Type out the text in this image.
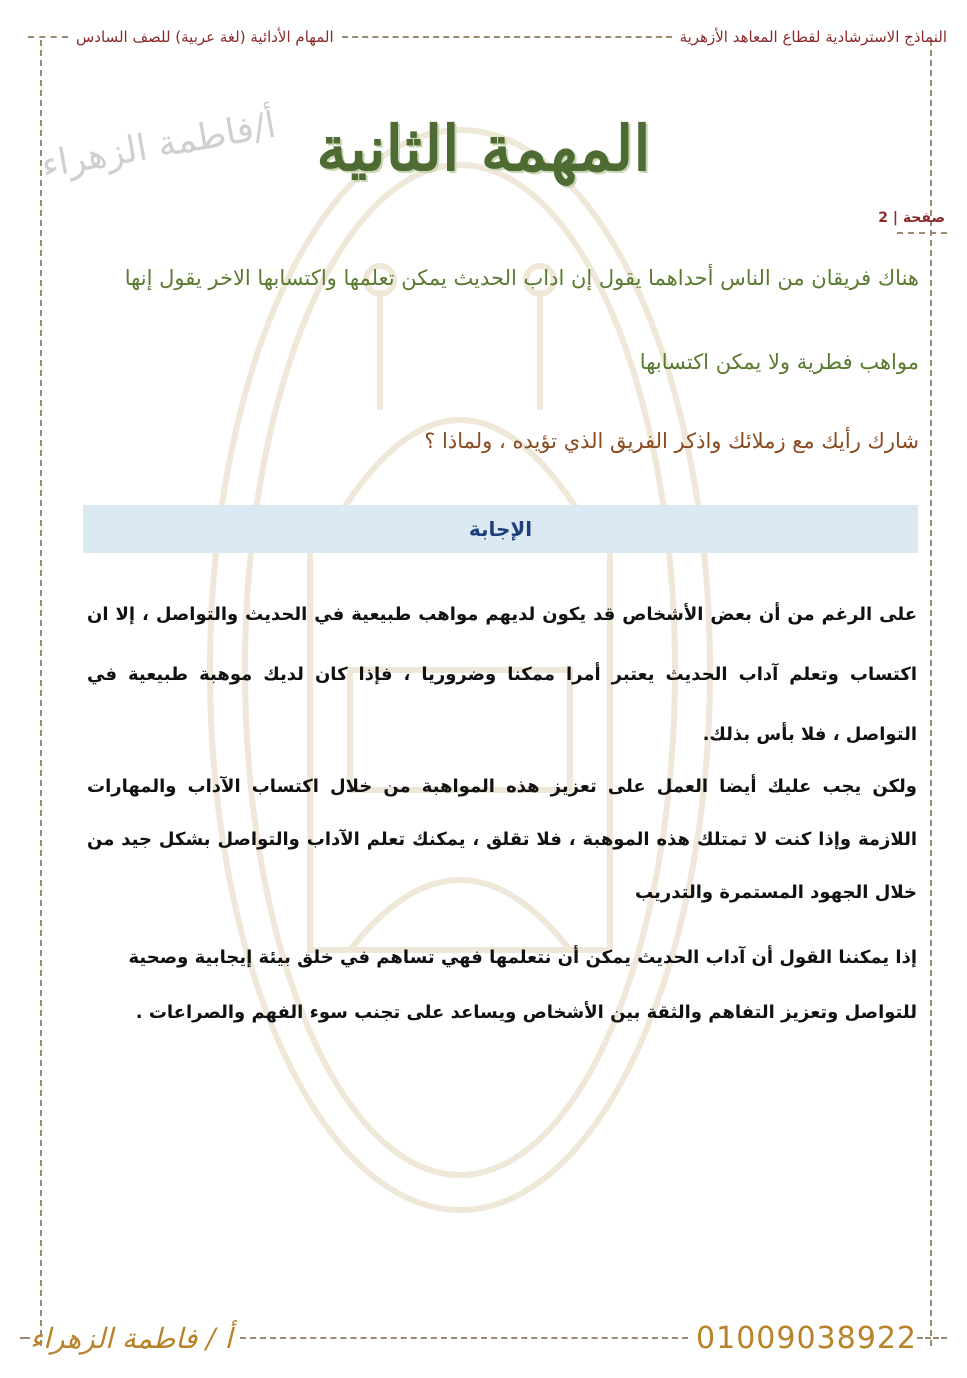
النماذج الاسترشادية لقطاع المعاهد الأزهرية
المهام الأدائية (لغة عربية) للصف السادس
أ/فاطمة الزهراء المهمة الثانية
صفحة | 2
هناك فريقان من الناس أحداهما يقول إن اداب الحديث يمكن تعلمها واكتسابها الاخر يقول إنها
مواهب فطرية ولا يمكن اكتسابها
شارك رأيك مع زملائك واذكر الفريق الذي تؤيده ، ولماذا ؟
الإجابة
على الرغم من أن بعض الأشخاص قد يكون لديهم مواهب طبيعية في الحديث والتواصل ، إلا ان اكتساب وتعلم آداب الحديث يعتبر أمرا ممكنا وضروريا ، فإذا كان لديك موهبة طبيعية في التواصل ، فلا بأس بذلك.
ولكن يجب عليك أيضا العمل على تعزيز هذه المواهبة من خلال اكتساب الآداب والمهارات اللازمة وإذا كنت لا تمتلك هذه الموهبة ، فلا تقلق ، يمكنك تعلم الآداب والتواصل بشكل جيد من خلال الجهود المستمرة والتدريب
إذا يمكننا القول أن آداب الحديث يمكن أن نتعلمها فهي تساهم في خلق بيئة إيجابية وصحية للتواصل وتعزيز التفاهم والثقة بين الأشخاص ويساعد على تجنب سوء الفهم والصراعات .
أ / فاطمة الزهراء	01009038922
